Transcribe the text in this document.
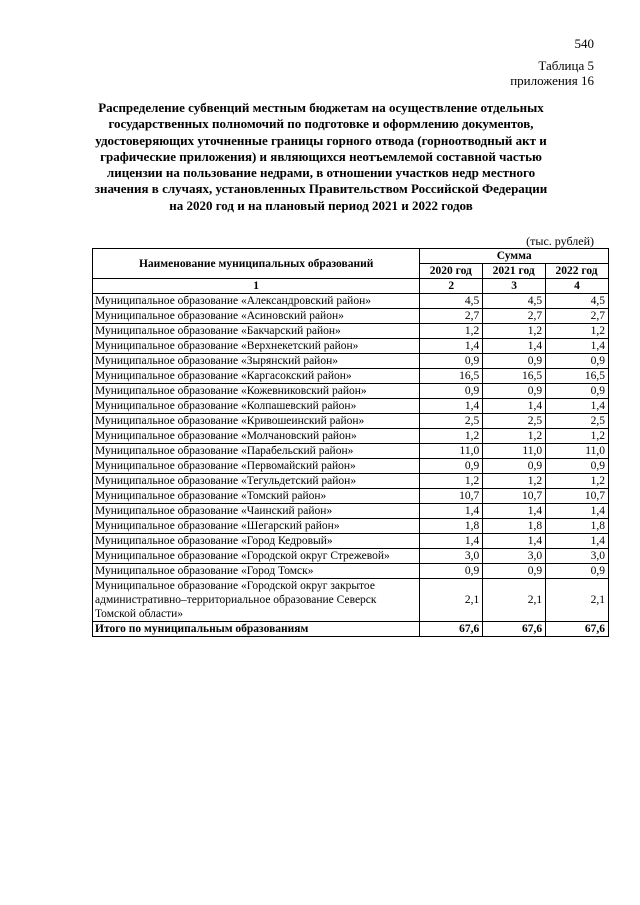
540
Таблица 5
приложения 16
Распределение субвенций местным бюджетам на осуществление отдельных
государственных полномочий по подготовке и оформлению документов,
удостоверяющих уточненные границы горного отвода (горноотводный акт и
графические приложения) и являющихся неотъемлемой составной частью
лицензии на пользование недрами, в отношении участков недр местного
значения в случаях, установленных Правительством Российской Федерации
на 2020 год и на плановый период 2021 и 2022 годов
(тыс. рублей)
Наименование муниципальных образований	Сумма		
	2020 год	2021 год	2022 год
1	2	3	4
Муниципальное образование «Александровский район»	4,5	4,5	4,5
Муниципальное образование «Асиновский район»	2,7	2,7	2,7
Муниципальное образование «Бакчарский район»	1,2	1,2	1,2
Муниципальное образование «Верхнекетский район»	1,4	1,4	1,4
Муниципальное образование «Зырянский район»	0,9	0,9	0,9
Муниципальное образование «Каргасокский район»	16,5	16,5	16,5
Муниципальное образование «Кожевниковский район»	0,9	0,9	0,9
Муниципальное образование «Колпашевский район»	1,4	1,4	1,4
Муниципальное образование «Кривошеинский район»	2,5	2,5	2,5
Муниципальное образование «Молчановский район»	1,2	1,2	1,2
Муниципальное образование «Парабельский район»	11,0	11,0	11,0
Муниципальное образование «Первомайский район»	0,9	0,9	0,9
Муниципальное образование «Тегульдетский район»	1,2	1,2	1,2
Муниципальное образование «Томский район»	10,7	10,7	10,7
Муниципальное образование «Чаинский район»	1,4	1,4	1,4
Муниципальное образование «Шегарский район»	1,8	1,8	1,8
Муниципальное образование «Город Кедровый»	1,4	1,4	1,4
Муниципальное образование «Городской округ Стрежевой»	3,0	3,0	3,0
Муниципальное образование «Город Томск»	0,9	0,9	0,9
Муниципальное образование «Городской округ закрытое административно–территориальное образование Северск Томской области»	2,1	2,1	2,1
Итого по муниципальным образованиям	67,6	67,6	67,6
